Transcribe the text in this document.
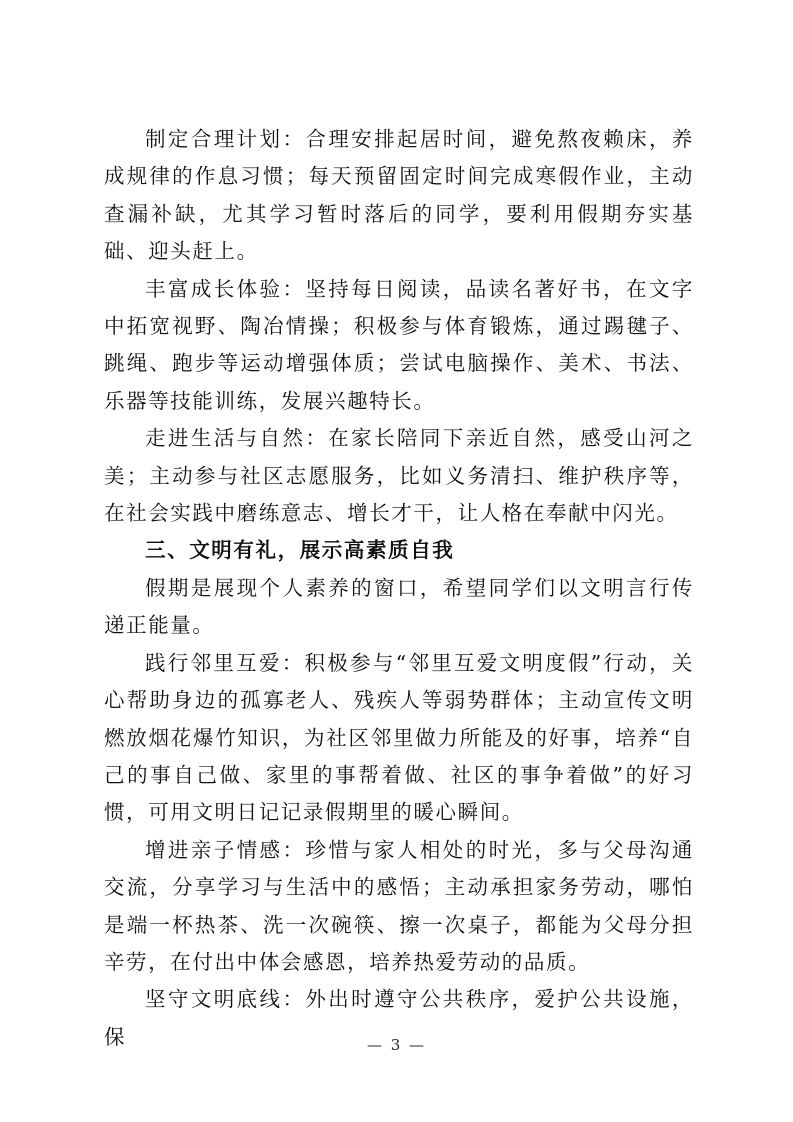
制定合理计划：合理安排起居时间，避免熬夜赖床，养成规律的作息习惯；每天预留固定时间完成寒假作业，主动查漏补缺，尤其学习暂时落后的同学，要利用假期夯实基础、迎头赶上。

丰富成长体验：坚持每日阅读，品读名著好书，在文字中拓宽视野、陶冶情操；积极参与体育锻炼，通过踢毽子、跳绳、跑步等运动增强体质；尝试电脑操作、美术、书法、乐器等技能训练，发展兴趣特长。

走进生活与自然：在家长陪同下亲近自然，感受山河之美；主动参与社区志愿服务，比如义务清扫、维护秩序等，在社会实践中磨练意志、增长才干，让人格在奉献中闪光。

三、文明有礼，展示高素质自我

假期是展现个人素养的窗口，希望同学们以文明言行传递正能量。

践行邻里互爱：积极参与“邻里互爱文明度假”行动，关心帮助身边的孤寡老人、残疾人等弱势群体；主动宣传文明燃放烟花爆竹知识，为社区邻里做力所能及的好事，培养“自己的事自己做、家里的事帮着做、社区的事争着做”的好习惯，可用文明日记记录假期里的暖心瞬间。

增进亲子情感：珍惜与家人相处的时光，多与父母沟通交流，分享学习与生活中的感悟；主动承担家务劳动，哪怕是端一杯热茶、洗一次碗筷、擦一次桌子，都能为父母分担辛劳，在付出中体会感恩，培养热爱劳动的品质。

坚守文明底线：外出时遵守公共秩序，爱护公共设施，保	— 3 —
